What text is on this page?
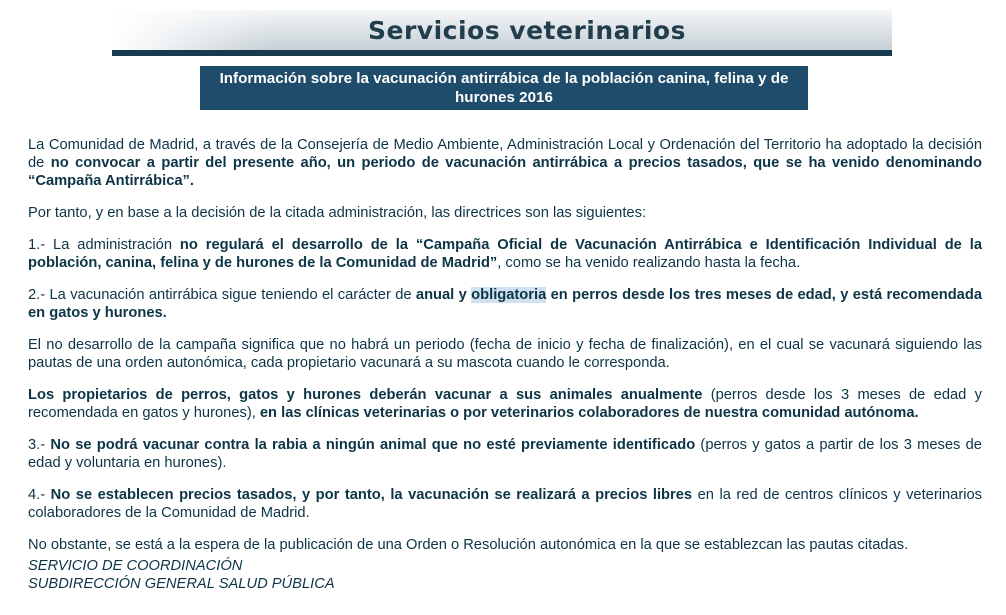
Servicios veterinarios
Información sobre la vacunación antirrábica de la población canina, felina y de hurones 2016

La Comunidad de Madrid, a través de la Consejería de Medio Ambiente, Administración Local y Ordenación del Territorio ha adoptado la decisión de no convocar a partir del presente año, un periodo de vacunación antirrábica a precios tasados, que se ha venido denominando “Campaña Antirrábica”.

Por tanto, y en base a la decisión de la citada administración, las directrices son las siguientes:

1.- La administración no regulará el desarrollo de la “Campaña Oficial de Vacunación Antirrábica e Identificación Individual de la población, canina, felina y de hurones de la Comunidad de Madrid”, como se ha venido realizando hasta la fecha.

2.- La vacunación antirrábica sigue teniendo el carácter de anual y obligatoria en perros desde los tres meses de edad, y está recomendada en gatos y hurones.

El no desarrollo de la campaña significa que no habrá un periodo (fecha de inicio y fecha de finalización), en el cual se vacunará siguiendo las pautas de una orden autonómica, cada propietario vacunará a su mascota cuando le corresponda.

Los propietarios de perros, gatos y hurones deberán vacunar a sus animales anualmente (perros desde los 3 meses de edad y recomendada en gatos y hurones), en las clínicas veterinarias o por veterinarios colaboradores de nuestra comunidad autónoma.

3.- No se podrá vacunar contra la rabia a ningún animal que no esté previamente identificado (perros y gatos a partir de los 3 meses de edad y voluntaria en hurones).

4.- No se establecen precios tasados, y por tanto, la vacunación se realizará a precios libres en la red de centros clínicos y veterinarios colaboradores de la Comunidad de Madrid.

No obstante, se está a la espera de la publicación de una Orden o Resolución autonómica en la que se establezcan las pautas citadas.

SERVICIO DE COORDINACIÓN
SUBDIRECCIÓN GENERAL SALUD PÚBLICA
